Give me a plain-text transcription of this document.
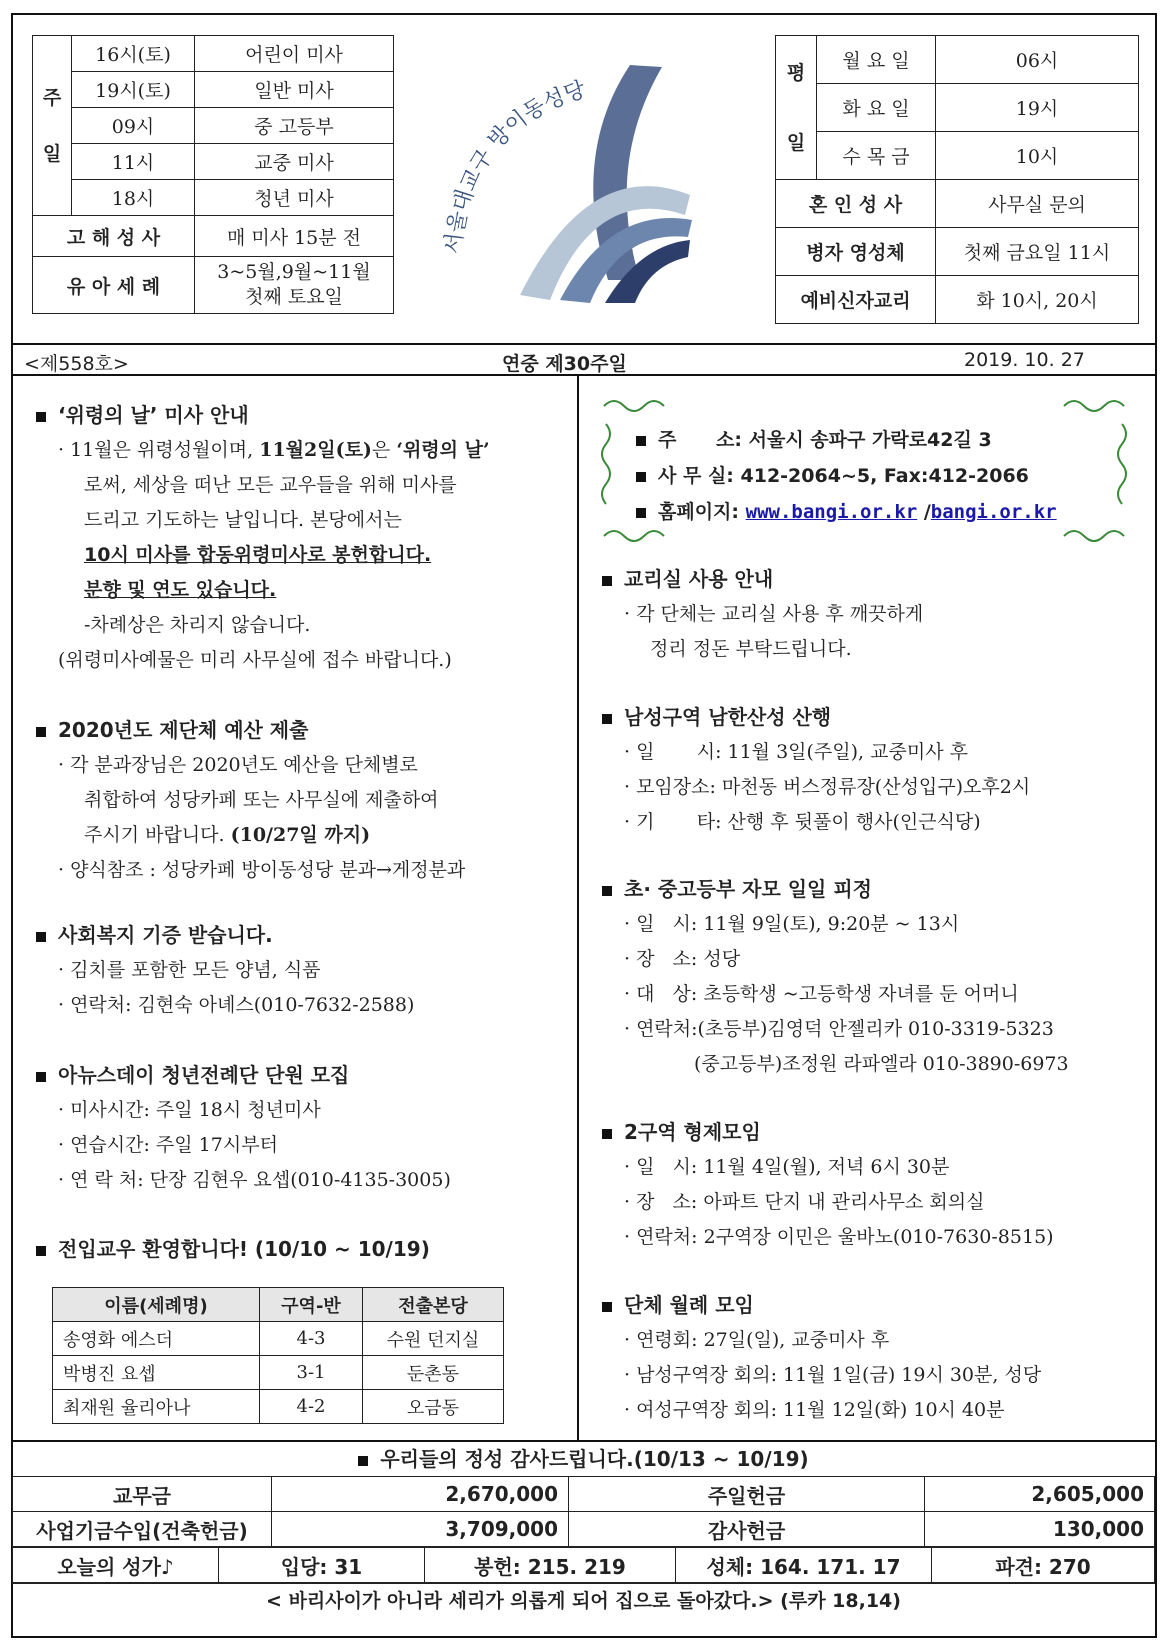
주
일	16시(토)	어린이 미사
	19시(토)	일반 미사
	09시	중 고등부
	11시	교중 미사
	18시	청년 미사
고 해 성 사		매 미사 15분 전
유 아 세 례		3~5월,9월~11월
첫째 토요일
서울대교구 방이동성당
평
일	월 요 일	06시
	화 요 일	19시
	수 목 금	10시
혼 인 성 사		사무실 문의
병자 영성체		첫째 금요일 11시
예비신자교리		화 10시, 20시
<제558호>	연중 제30주일	2019. 10. 27
‘위령의 날’ 미사 안내
· 11월은 위령성월이며, 11월2일(토)은 ‘위령의 날’
로써, 세상을 떠난 모든 교우들을 위해 미사를
드리고 기도하는 날입니다. 본당에서는
10시 미사를 합동위령미사로 봉헌합니다.
분향 및 연도 있습니다.
-차례상은 차리지 않습니다.
(위령미사예물은 미리 사무실에 접수 바랍니다.)
2020년도 제단체 예산 제출
· 각 분과장님은 2020년도 예산을 단체별로
취합하여 성당카페 또는 사무실에 제출하여
주시기 바랍니다. (10/27일 까지)
· 양식참조 : 성당카페 방이동성당 분과→게정분과
사회복지 기증 받습니다.
· 김치를 포함한 모든 양념, 식품
· 연락처: 김현숙 아녜스(010-7632-2588)
아뉴스데이 청년전례단 단원 모집
· 미사시간: 주일 18시 청년미사
· 연습시간: 주일 17시부터
· 연 락 처: 단장 김현우 요셉(010-4135-3005)
전입교우 환영합니다! (10/10 ~ 10/19)
이름(세례명)	구역-반	전출본당
송영화 에스더	4-3	수원 던지실
박병진 요셉	3-1	둔촌동
최재원 율리아나	4-2	오금동
주      소: 서울시 송파구 가락로42길 3
사 무 실: 412-2064~5, Fax:412-2066
홈페이지: www.bangi.or.kr /bangi.or.kr
교리실 사용 안내
· 각 단체는 교리실 사용 후 깨끗하게
정리 정돈 부탁드립니다.
남성구역 남한산성 산행
· 일       시: 11월 3일(주일), 교중미사 후
· 모임장소: 마천동 버스정류장(산성입구)오후2시
· 기       타: 산행 후 뒷풀이 행사(인근식당)
초· 중고등부 자모 일일 피정
· 일   시: 11월 9일(토), 9:20분 ~ 13시
· 장   소: 성당
· 대   상: 초등학생 ~고등학생 자녀를 둔 어머니
· 연락처:(초등부)김영덕 안젤리카 010-3319-5323
(중고등부)조정원 라파엘라 010-3890-6973
2구역 형제모임
· 일   시: 11월 4일(월), 저녁 6시 30분
· 장   소: 아파트 단지 내 관리사무소 회의실
· 연락처: 2구역장 이민은 울바노(010-7630-8515)
단체 월례 모임
· 연령회: 27일(일), 교중미사 후
· 남성구역장 회의: 11월 1일(금) 19시 30분, 성당
· 여성구역장 회의: 11월 12일(화) 10시 40분
우리들의 정성 감사드립니다.(10/13 ~ 10/19)
교무금	2,670,000	주일헌금	2,605,000
사업기금수입(건축헌금)	3,709,000	감사헌금	130,000
오늘의 성가♪	입당: 31	봉헌: 215. 219	성체: 164. 171. 17	파견: 270
< 바리사이가 아니라 세리가 의롭게 되어 집으로 돌아갔다.> (루카 18,14)
